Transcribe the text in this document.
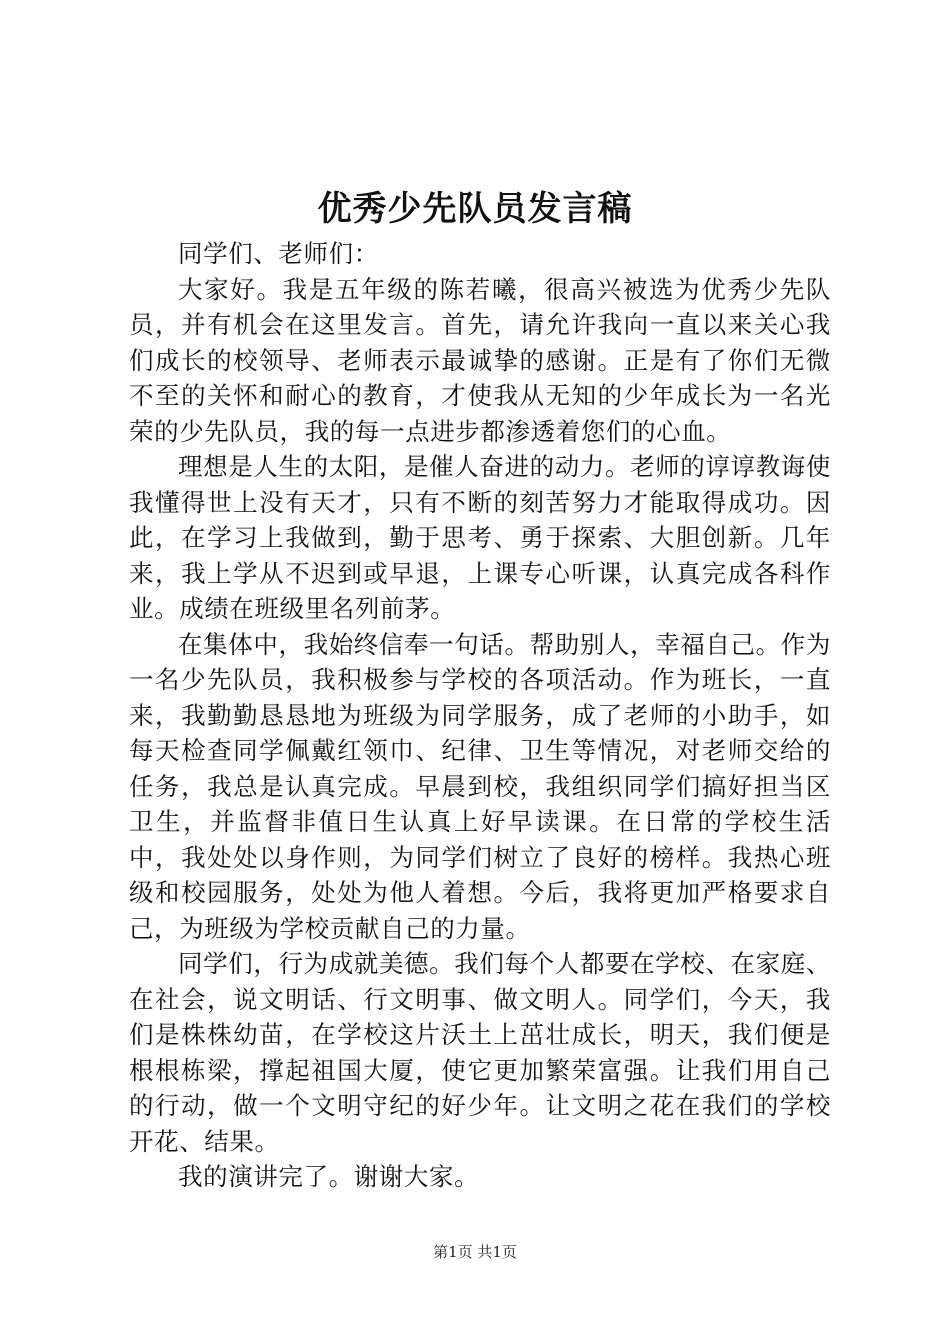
优秀少先队员发言稿

同学们、老师们：

大家好。我是五年级的陈若曦，很高兴被选为优秀少先队员，并有机会在这里发言。首先，请允许我向一直以来关心我们成长的校领导、老师表示最诚挚的感谢。正是有了你们无微不至的关怀和耐心的教育，才使我从无知的少年成长为一名光荣的少先队员，我的每一点进步都渗透着您们的心血。

理想是人生的太阳，是催人奋进的动力。老师的谆谆教诲使我懂得世上没有天才，只有不断的刻苦努力才能取得成功。因此，在学习上我做到，勤于思考、勇于探索、大胆创新。几年来，我上学从不迟到或早退，上课专心听课，认真完成各科作业。成绩在班级里名列前茅。

在集体中，我始终信奉一句话。帮助别人，幸福自己。作为一名少先队员，我积极参与学校的各项活动。作为班长，一直来，我勤勤恳恳地为班级为同学服务，成了老师的小助手，如每天检查同学佩戴红领巾、纪律、卫生等情况，对老师交给的任务，我总是认真完成。早晨到校，我组织同学们搞好担当区卫生，并监督非值日生认真上好早读课。在日常的学校生活中，我处处以身作则，为同学们树立了良好的榜样。我热心班级和校园服务，处处为他人着想。今后，我将更加严格要求自己，为班级为学校贡献自己的力量。

同学们，行为成就美德。我们每个人都要在学校、在家庭、在社会，说文明话、行文明事、做文明人。同学们，今天，我们是株株幼苗，在学校这片沃土上茁壮成长，明天，我们便是根根栋梁，撑起祖国大厦，使它更加繁荣富强。让我们用自己的行动，做一个文明守纪的好少年。让文明之花在我们的学校开花、结果。

我的演讲完了。谢谢大家。

第1页 共1页
